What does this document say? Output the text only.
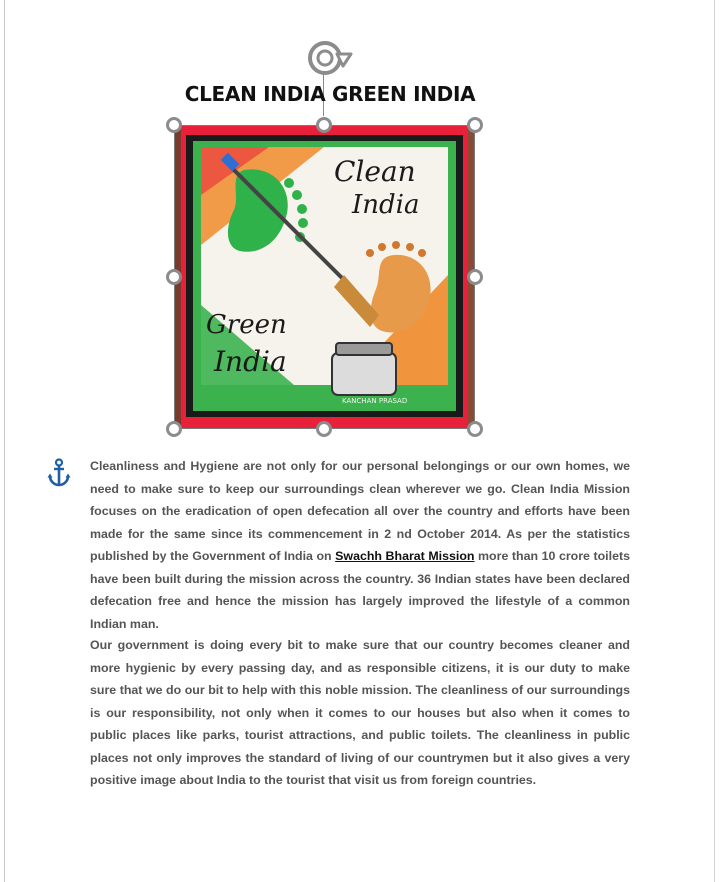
CLEAN INDIA GREEN INDIA
Clean
India
Green
India
KANCHAN PRASAD
Cleanliness and Hygiene are not only for our personal belongings or our own homes, we need to make sure to keep our surroundings clean wherever we go. Clean India Mission focuses on the eradication of open defecation all over the country and efforts have been made for the same since its commencement in 2 nd October 2014. As per the statistics published by the Government of India on Swachh Bharat Mission more than 10 crore toilets have been built during the mission across the country. 36 Indian states have been declared defecation free and hence the mission has largely improved the lifestyle of a common Indian man.
Our government is doing every bit to make sure that our country becomes cleaner and more hygienic by every passing day, and as responsible citizens, it is our duty to make sure that we do our bit to help with this noble mission. The cleanliness of our surroundings is our responsibility, not only when it comes to our houses but also when it comes to public places like parks, tourist attractions, and public toilets. The cleanliness in public places not only improves the standard of living of our countrymen but it also gives a very positive image about India to the tourist that visit us from foreign countries.
